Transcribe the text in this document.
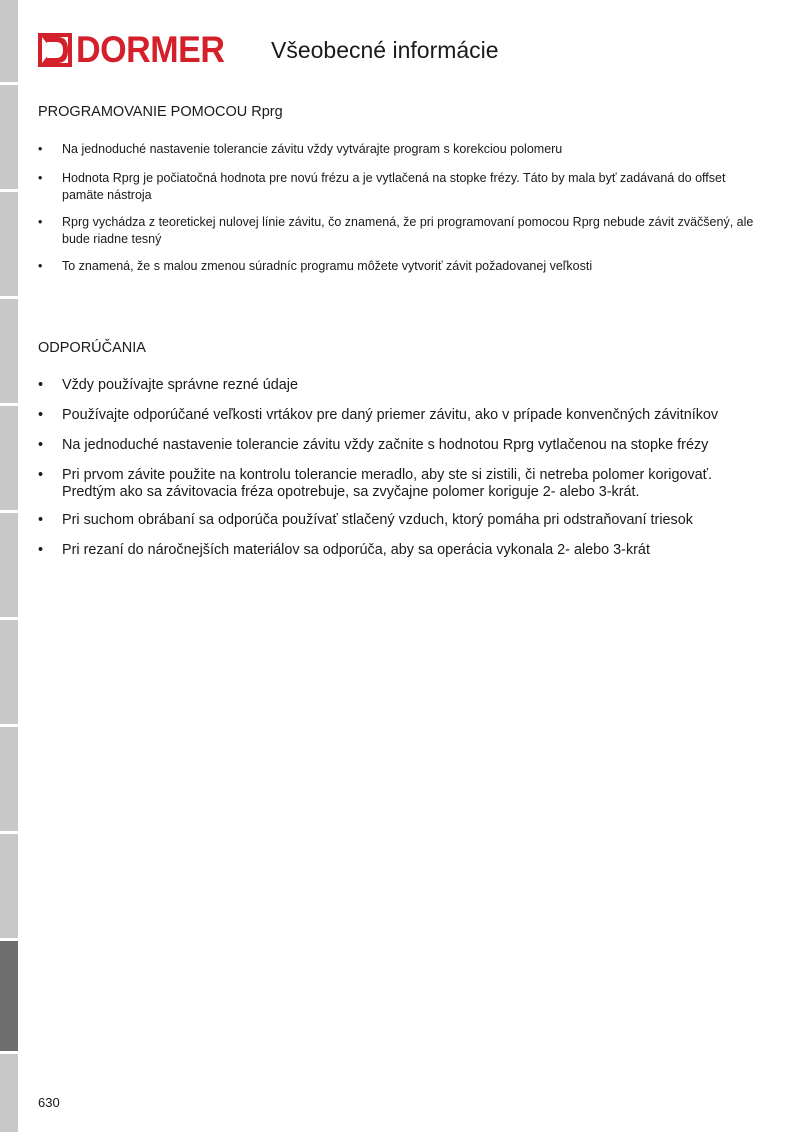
DORMER Všeobecné informácie
PROGRAMOVANIE POMOCOU Rprg
• Na jednoduché nastavenie tolerancie závitu vždy vytvárajte program s korekciou polomeru
• Hodnota Rprg je počiatočná hodnota pre novú frézu a je vytlačená na stopke frézy. Táto by mala byť zadávaná do offset pamäte nástroja
• Rprg vychádza z teoretickej nulovej línie závitu, čo znamená, že pri programovaní pomocou Rprg nebude závit zväčšený, ale bude riadne tesný
• To znamená, že s malou zmenou súradníc programu môžete vytvoriť závit požadovanej veľkosti
ODPORÚČANIA
• Vždy používajte správne rezné údaje
• Používajte odporúčané veľkosti vrtákov pre daný priemer závitu, ako v prípade konvenčných závitníkov
• Na jednoduché nastavenie tolerancie závitu vždy začnite s hodnotou Rprg vytlačenou na stopke frézy
• Pri prvom závite použite na kontrolu tolerancie meradlo, aby ste si zistili, či netreba polomer korigovať. Predtým ako sa závitovacia fréza opotrebuje, sa zvyčajne polomer koriguje 2- alebo 3-krát.
• Pri suchom obrábaní sa odporúča používať stlačený vzduch, ktorý pomáha pri odstraňovaní triesok
• Pri rezaní do náročnejších materiálov sa odporúča, aby sa operácia vykonala 2- alebo 3-krát
630
